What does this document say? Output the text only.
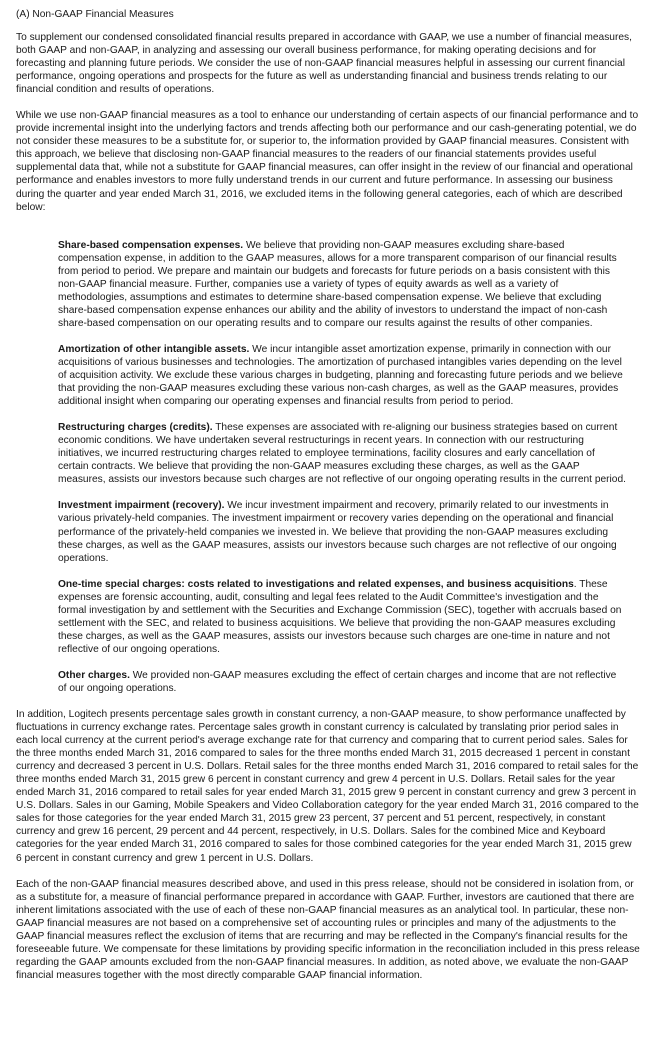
(A) Non-GAAP Financial Measures

To supplement our condensed consolidated financial results prepared in accordance with GAAP, we use a number of financial measures, both GAAP and non-GAAP, in analyzing and assessing our overall business performance, for making operating decisions and for forecasting and planning future periods. We consider the use of non-GAAP financial measures helpful in assessing our current financial performance, ongoing operations and prospects for the future as well as understanding financial and business trends relating to our financial condition and results of operations.

While we use non-GAAP financial measures as a tool to enhance our understanding of certain aspects of our financial performance and to provide incremental insight into the underlying factors and trends affecting both our performance and our cash-generating potential, we do not consider these measures to be a substitute for, or superior to, the information provided by GAAP financial measures. Consistent with this approach, we believe that disclosing non-GAAP financial measures to the readers of our financial statements provides useful supplemental data that, while not a substitute for GAAP financial measures, can offer insight in the review of our financial and operational performance and enables investors to more fully understand trends in our current and future performance. In assessing our business during the quarter and year ended March 31, 2016, we excluded items in the following general categories, each of which are described below:

Share-based compensation expenses. We believe that providing non-GAAP measures excluding share-based compensation expense, in addition to the GAAP measures, allows for a more transparent comparison of our financial results from period to period. We prepare and maintain our budgets and forecasts for future periods on a basis consistent with this non-GAAP financial measure. Further, companies use a variety of types of equity awards as well as a variety of methodologies, assumptions and estimates to determine share-based compensation expense. We believe that excluding share-based compensation expense enhances our ability and the ability of investors to understand the impact of non-cash share-based compensation on our operating results and to compare our results against the results of other companies.

Amortization of other intangible assets. We incur intangible asset amortization expense, primarily in connection with our acquisitions of various businesses and technologies. The amortization of purchased intangibles varies depending on the level of acquisition activity. We exclude these various charges in budgeting, planning and forecasting future periods and we believe that providing the non-GAAP measures excluding these various non-cash charges, as well as the GAAP measures, provides additional insight when comparing our operating expenses and financial results from period to period.

Restructuring charges (credits). These expenses are associated with re-aligning our business strategies based on current economic conditions. We have undertaken several restructurings in recent years. In connection with our restructuring initiatives, we incurred restructuring charges related to employee terminations, facility closures and early cancellation of certain contracts. We believe that providing the non-GAAP measures excluding these charges, as well as the GAAP measures, assists our investors because such charges are not reflective of our ongoing operating results in the current period.

Investment impairment (recovery). We incur investment impairment and recovery, primarily related to our investments in various privately-held companies. The investment impairment or recovery varies depending on the operational and financial performance of the privately-held companies we invested in. We believe that providing the non-GAAP measures excluding these charges, as well as the GAAP measures, assists our investors because such charges are not reflective of our ongoing operations.

One-time special charges: costs related to investigations and related expenses, and business acquisitions. These expenses are forensic accounting, audit, consulting and legal fees related to the Audit Committee's investigation and the formal investigation by and settlement with the Securities and Exchange Commission (SEC), together with accruals based on settlement with the SEC, and related to business acquisitions. We believe that providing the non-GAAP measures excluding these charges, as well as the GAAP measures, assists our investors because such charges are one-time in nature and not reflective of our ongoing operations.

Other charges. We provided non-GAAP measures excluding the effect of certain charges and income that are not reflective of our ongoing operations.

In addition, Logitech presents percentage sales growth in constant currency, a non-GAAP measure, to show performance unaffected by fluctuations in currency exchange rates. Percentage sales growth in constant currency is calculated by translating prior period sales in each local currency at the current period's average exchange rate for that currency and comparing that to current period sales. Sales for the three months ended March 31, 2016 compared to sales for the three months ended March 31, 2015 decreased 1 percent in constant currency and decreased 3 percent in U.S. Dollars. Retail sales for the three months ended March 31, 2016 compared to retail sales for the three months ended March 31, 2015 grew 6 percent in constant currency and grew 4 percent in U.S. Dollars. Retail sales for the year ended March 31, 2016 compared to retail sales for year ended March 31, 2015 grew 9 percent in constant currency and grew 3 percent in U.S. Dollars. Sales in our Gaming, Mobile Speakers and Video Collaboration category for the year ended March 31, 2016 compared to the sales for those categories for the year ended March 31, 2015 grew 23 percent, 37 percent and 51 percent, respectively, in constant currency and grew 16 percent, 29 percent and 44 percent, respectively, in U.S. Dollars. Sales for the combined Mice and Keyboard categories for the year ended March 31, 2016 compared to sales for those combined categories for the year ended March 31, 2015 grew 6 percent in constant currency and grew 1 percent in U.S. Dollars.

Each of the non-GAAP financial measures described above, and used in this press release, should not be considered in isolation from, or as a substitute for, a measure of financial performance prepared in accordance with GAAP. Further, investors are cautioned that there are inherent limitations associated with the use of each of these non-GAAP financial measures as an analytical tool. In particular, these non-GAAP financial measures are not based on a comprehensive set of accounting rules or principles and many of the adjustments to the GAAP financial measures reflect the exclusion of items that are recurring and may be reflected in the Company's financial results for the foreseeable future. We compensate for these limitations by providing specific information in the reconciliation included in this press release regarding the GAAP amounts excluded from the non-GAAP financial measures. In addition, as noted above, we evaluate the non-GAAP financial measures together with the most directly comparable GAAP financial information.
